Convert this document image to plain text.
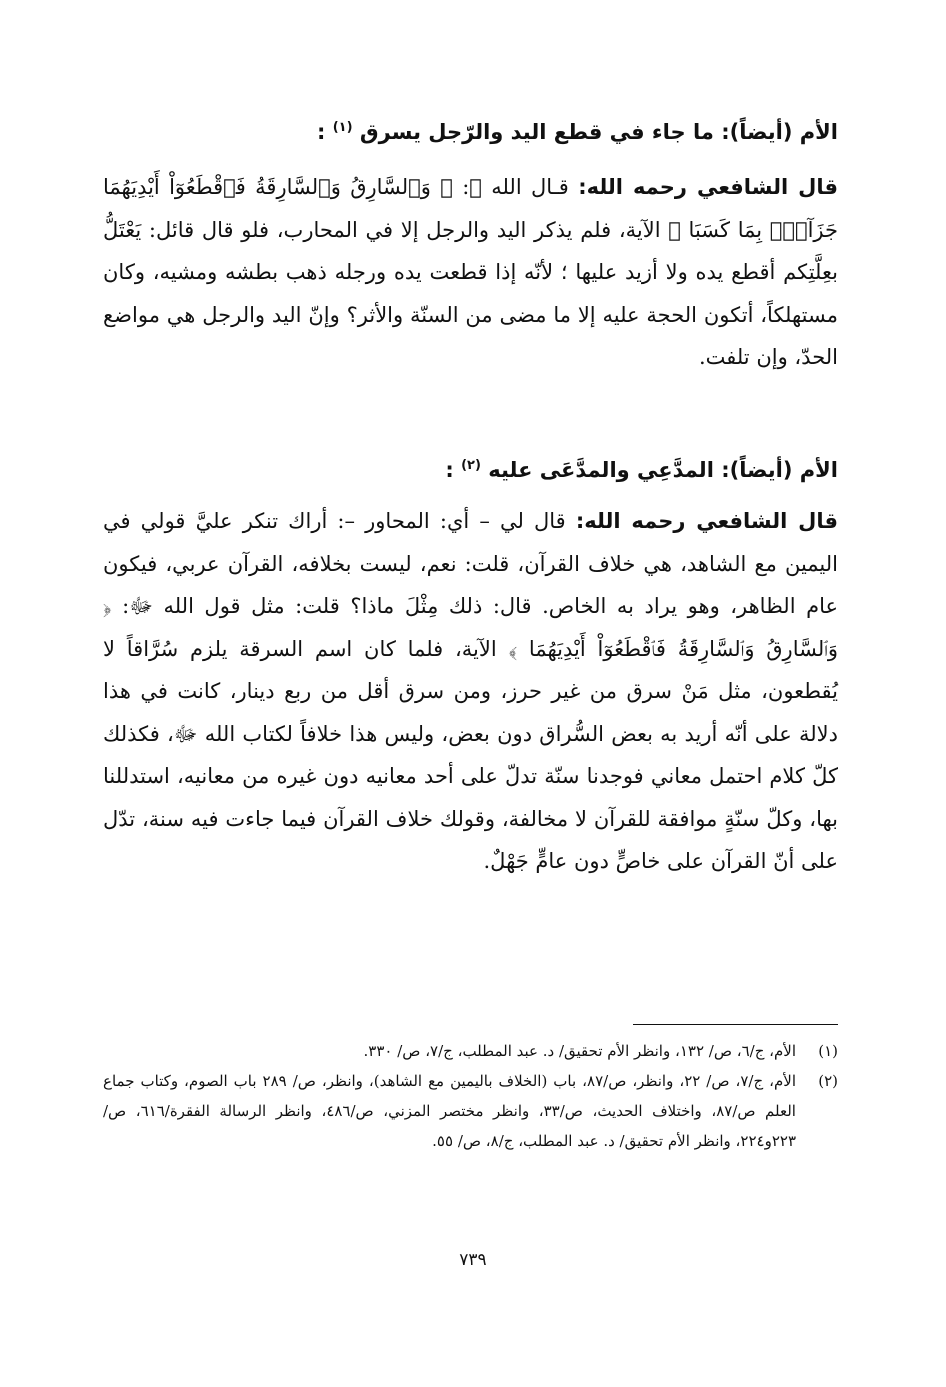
الأم (أيضاً): ما جاء في قطع اليد والرّجل يسرق $^{(١)}$ :
قال الشافعي رحمه الله: قـال الله ﷻ: ﴿ وَٱلسَّارِقُ وَٱلسَّارِقَةُ فَٱقْطَعُوٓاْ أَيْدِيَهُمَا جَزَآءَۢ بِمَا كَسَبَا ﴾ الآية، فلم يذكر اليد والرجل إلا في المحارب، فلو قال قائل: يَعْتَلُّ بعِلَّتِكم أقطع يده ولا أزيد عليها ؛ لأنّه إذا قطعت يده ورجله ذهب بطشه ومشيه، وكان مستهلكاً، أتكون الحجة عليه إلا ما مضى من السنّة والأثر؟ وإنّ اليد والرجل هي مواضع الحدّ، وإن تلفت.
الأم (أيضاً): المدَّعِي والمدَّعَى عليه $^{(٢)}$ :
قال الشافعي رحمه الله: قال لي – أي: المحاور –: أراك تنكر عليَّ قولي في اليمين مع الشاهد، هي خلاف القرآن، قلت: نعم، ليست بخلافه، القرآن عربي، فيكون عام الظاهر، وهو يراد به الخاص. قال: ذلك مِثْلَ ماذا؟ قلت: مثل قول الله ﷻ: ﴿ وَٱلسَّارِقُ وَٱلسَّارِقَةُ فَٱقْطَعُوٓاْ أَيْدِيَهُمَا ﴾ الآية، فلما كان اسم السرقة يلزم سُرَّاقاً لا يُقطعون، مثل مَنْ سرق من غير حرز، ومن سرق أقل من ربع دينار، كانت في هذا دلالة على أنّه أريد به بعض السُّراق دون بعض، وليس هذا خلافاً لكتاب الله ﷻ، فكذلك كلّ كلام احتمل معاني فوجدنا سنّة تدلّ على أحد معانيه دون غيره من معانيه، استدللنا بها، وكلّ سنّةٍ موافقة للقرآن لا مخالفة، وقولك خلاف القرآن فيما جاءت فيه سنة، تدّل على أنّ القرآن على خاصٍّ دون عامٍّ جَهْلٌ.
(١)
الأم، ج/٦، ص/ ١٣٢، وانظر الأم تحقيق/ د. عبد المطلب، ج/٧، ص/ ٣٣٠.
(٢)
الأم، ج/٧، ص/ ٢٢، وانظر، ص/٨٧، باب (الخلاف باليمين مع الشاهد)، وانظر، ص/ ٢٨٩ باب الصوم، وكتاب جماع العلم ص/٨٧، واختلاف الحديث، ص/٣٣، وانظر مختصر المزني، ص/٤٨٦، وانظر الرسالة الفقرة/٦١٦، ص/٢٢٣و٢٢٤، وانظر الأم تحقيق/ د. عبد المطلب، ج/٨، ص/ ٥٥.
٧٣٩
